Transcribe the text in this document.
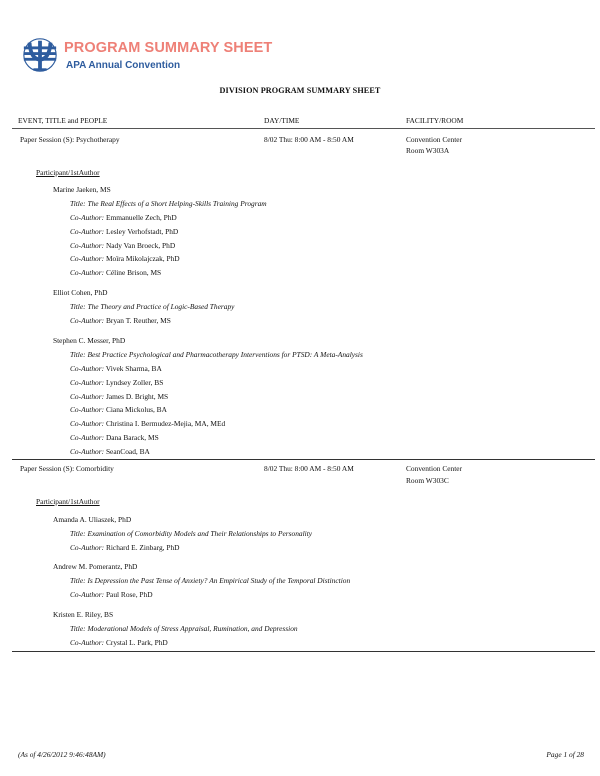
PROGRAM SUMMARY SHEET
APA Annual Convention
DIVISION PROGRAM SUMMARY SHEET
EVENT, TITLE and PEOPLE	DAY/TIME	FACILITY/ROOM
Paper Session (S): Psychotherapy	8/02 Thu: 8:00 AM - 8:50 AM	Convention Center
Room W303A
Participant/1stAuthor
Marine Jaeken, MS
Title: The Real Effects of a Short Helping-Skills Training Program
Co-Author: Emmanuelle Zech, PhD
Co-Author: Lesley Verhofstadt, PhD
Co-Author: Nady Van Broeck, PhD
Co-Author: Moïra Mikolajczak, PhD
Co-Author: Céline Brison, MS
Elliot Cohen, PhD
Title: The Theory and Practice of Logic-Based Therapy
Co-Author: Bryan T. Reuther, MS
Stephen C. Messer, PhD
Title: Best Practice Psychological and Pharmacotherapy Interventions for PTSD: A Meta-Analysis
Co-Author: Vivek Sharma, BA
Co-Author: Lyndsey Zoller, BS
Co-Author: James D. Bright, MS
Co-Author: Ciana Mickolus, BA
Co-Author: Christina I. Bermudez-Mejia, MA, MEd
Co-Author: Dana Barack, MS
Co-Author: SeanCoad, BA
Paper Session (S): Comorbidity	8/02 Thu: 8:00 AM - 8:50 AM	Convention Center
Room W303C
Participant/1stAuthor
Amanda A. Uliaszek, PhD
Title: Examination of Comorbidity Models and Their Relationships to Personality
Co-Author: Richard E. Zinbarg, PhD
Andrew M. Pomerantz, PhD
Title: Is Depression the Past Tense of Anxiety? An Empirical Study of the Temporal Distinction
Co-Author: Paul Rose, PhD
Kristen E. Riley, BS
Title: Moderational Models of Stress Appraisal, Rumination, and Depression
Co-Author: Crystal L. Park, PhD
(As of 4/26/2012 9:46:48AM)	Page 1 of 28
